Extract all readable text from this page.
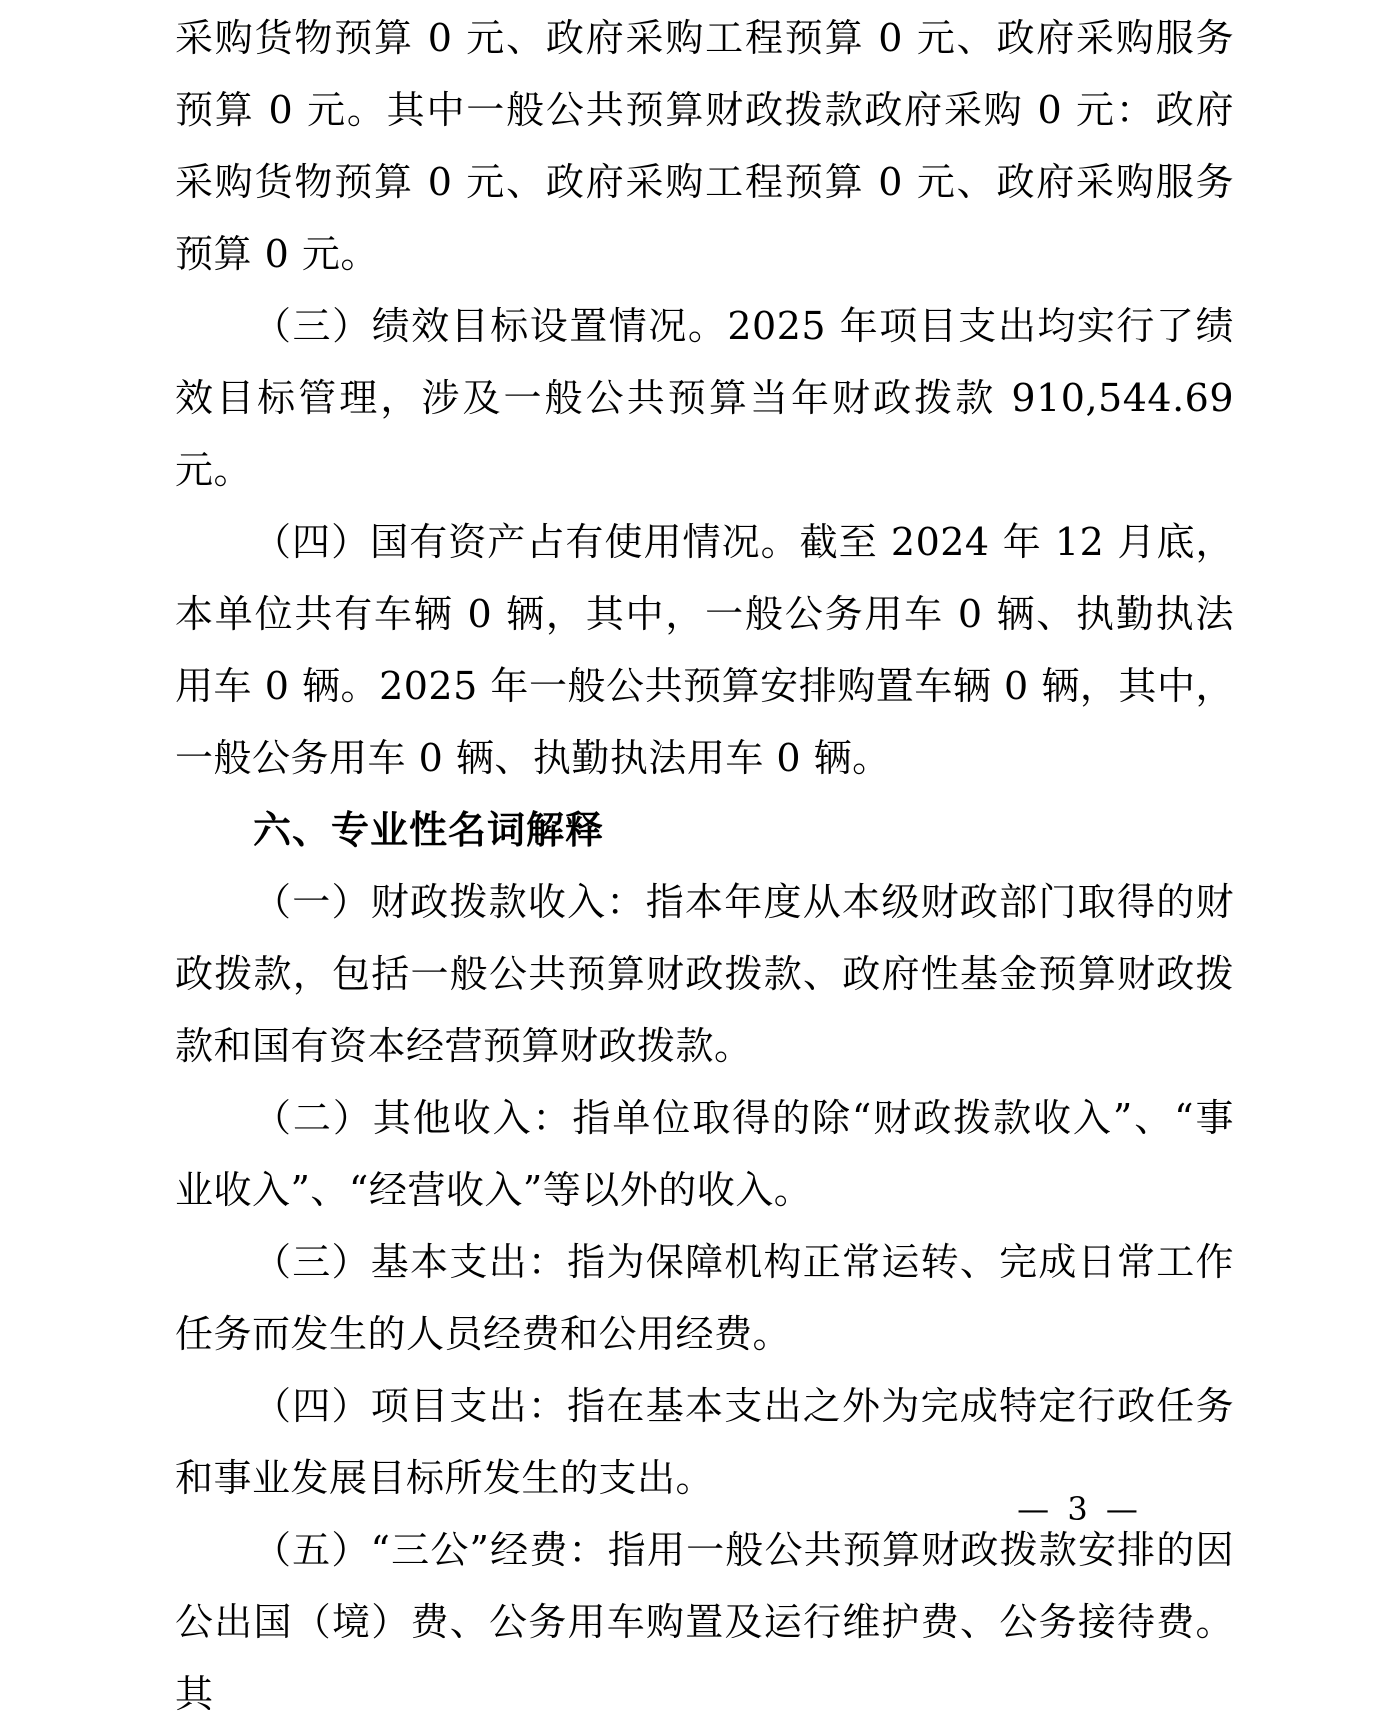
采购货物预算 0 元、政府采购工程预算 0 元、政府采购服务预算 0 元。其中一般公共预算财政拨款政府采购 0 元：政府采购货物预算 0 元、政府采购工程预算 0 元、政府采购服务预算 0 元。

（三）绩效目标设置情况。2025 年项目支出均实行了绩效目标管理，涉及一般公共预算当年财政拨款 910,544.69 元。

（四）国有资产占有使用情况。截至 2024 年 12 月底，本单位共有车辆 0 辆，其中，一般公务用车 0 辆、执勤执法用车 0 辆。2025 年一般公共预算安排购置车辆 0 辆，其中，一般公务用车 0 辆、执勤执法用车 0 辆。

六、专业性名词解释

（一）财政拨款收入：指本年度从本级财政部门取得的财政拨款，包括一般公共预算财政拨款、政府性基金预算财政拨款和国有资本经营预算财政拨款。

（二）其他收入：指单位取得的除“财政拨款收入”、“事业收入”、“经营收入”等以外的收入。

（三）基本支出：指为保障机构正常运转、完成日常工作任务而发生的人员经费和公用经费。

（四）项目支出：指在基本支出之外为完成特定行政任务和事业发展目标所发生的支出。

（五）“三公”经费：指用一般公共预算财政拨款安排的因公出国（境）费、公务用车购置及运行维护费、公务接待费。其

— 3 —
